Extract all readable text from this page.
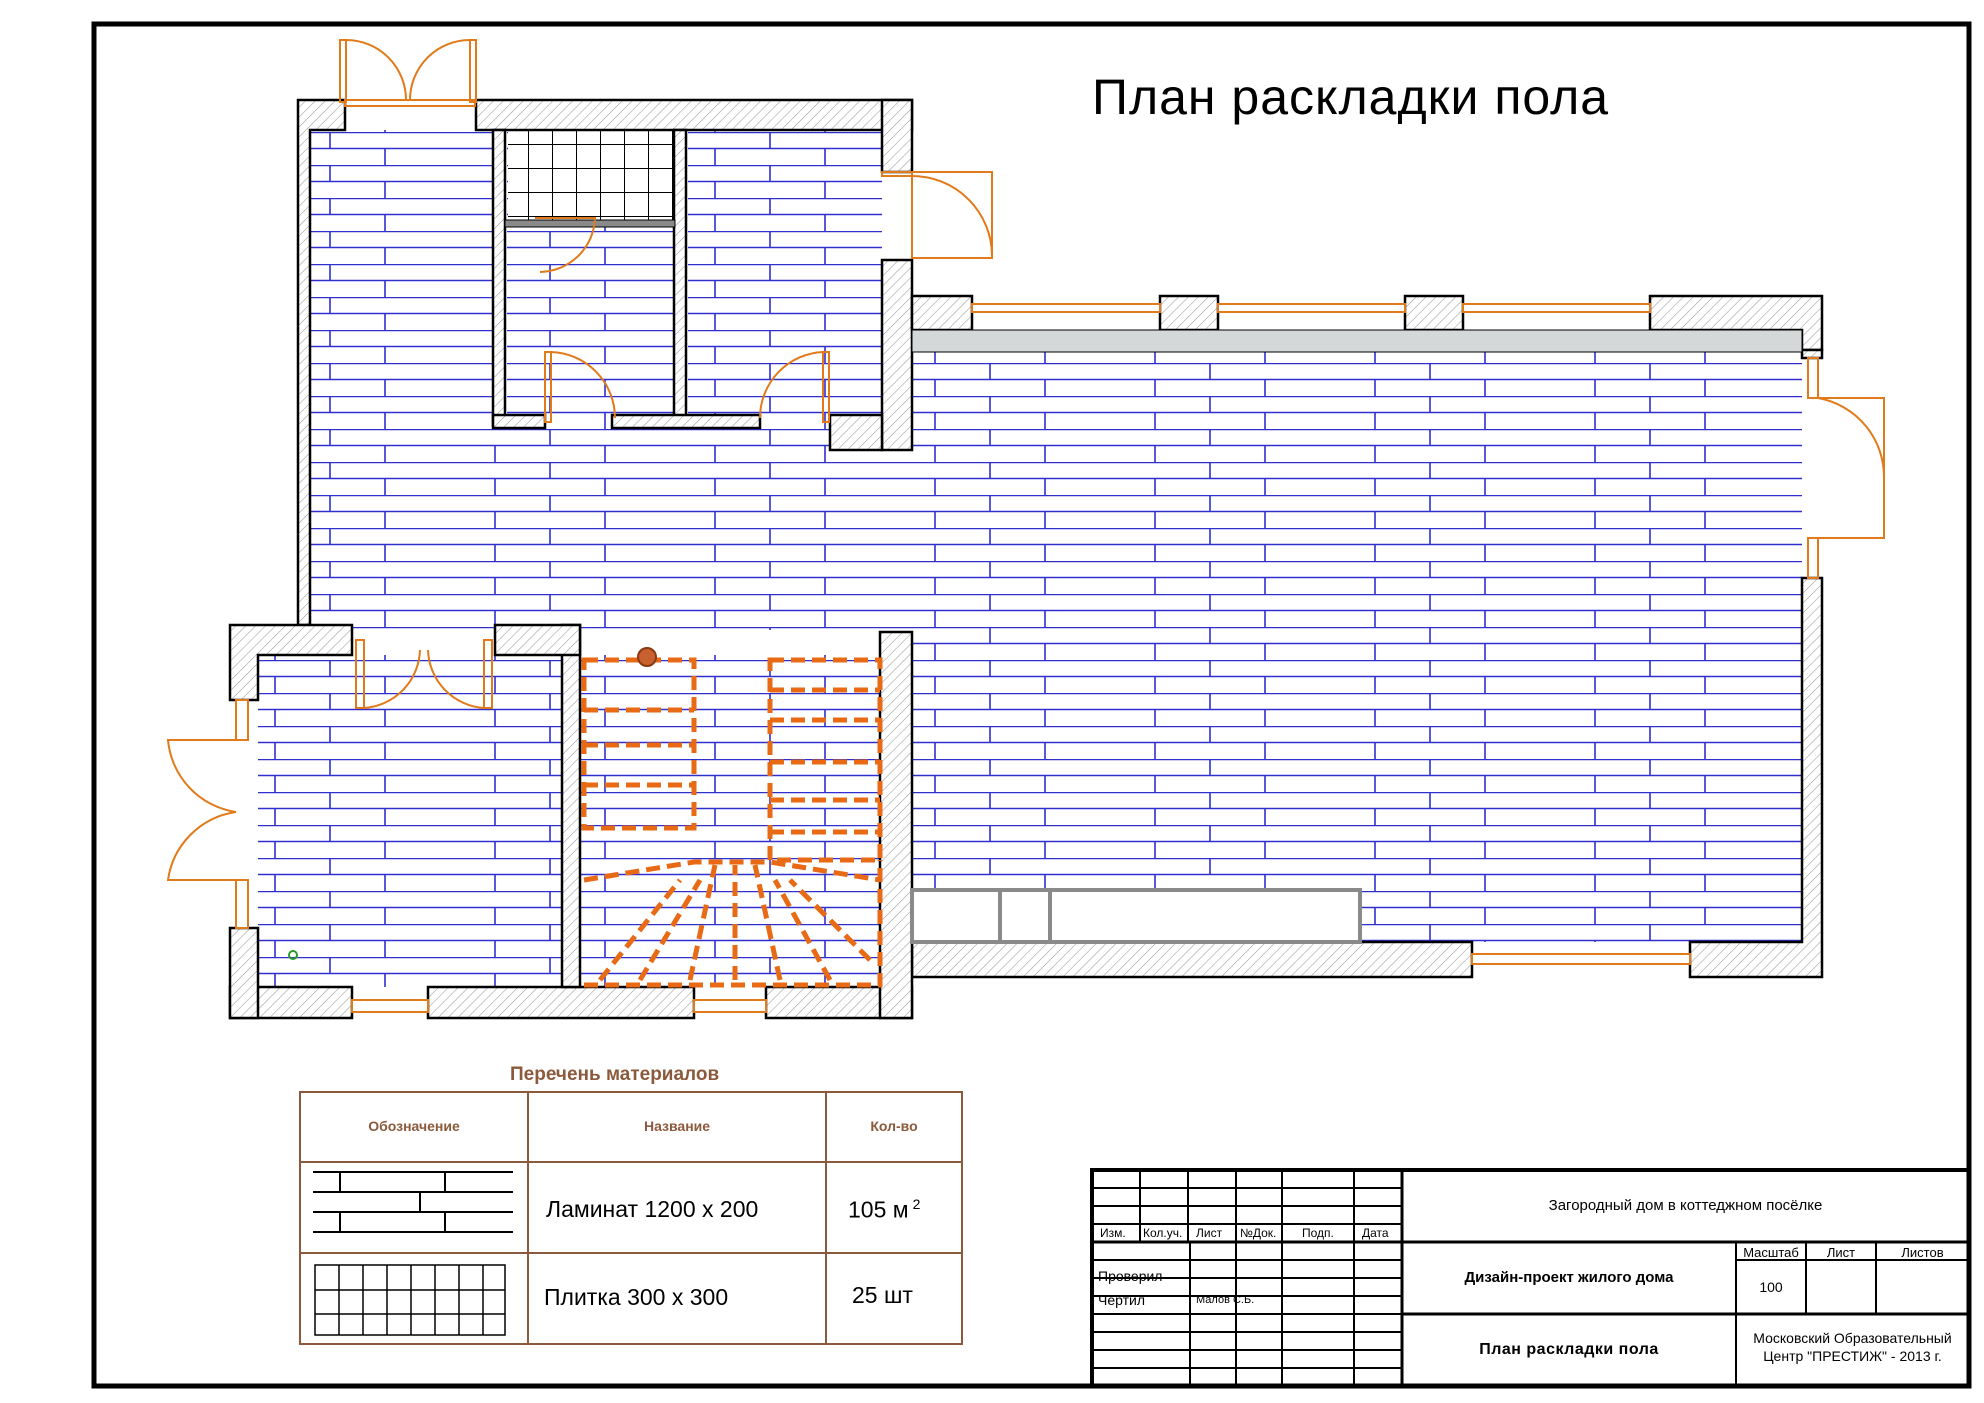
План раскладки пола
Перечень материалов
Обозначение	Название	Кол-во
Ламинат 1200 х 200	105 м $^2$
Плитка 300 х 300	25 шт
Изм. Кол.уч. Лист №Док. Подп. Дата
Проверил
Чертил	Малов С.Б.
Загородный дом в коттеджном посёлке
Дизайн-проект жилого дома
План раскладки пола
Масштаб	Лист	Листов
100
Московский Образовательный
Центр "ПРЕСТИЖ" - 2013 г.
